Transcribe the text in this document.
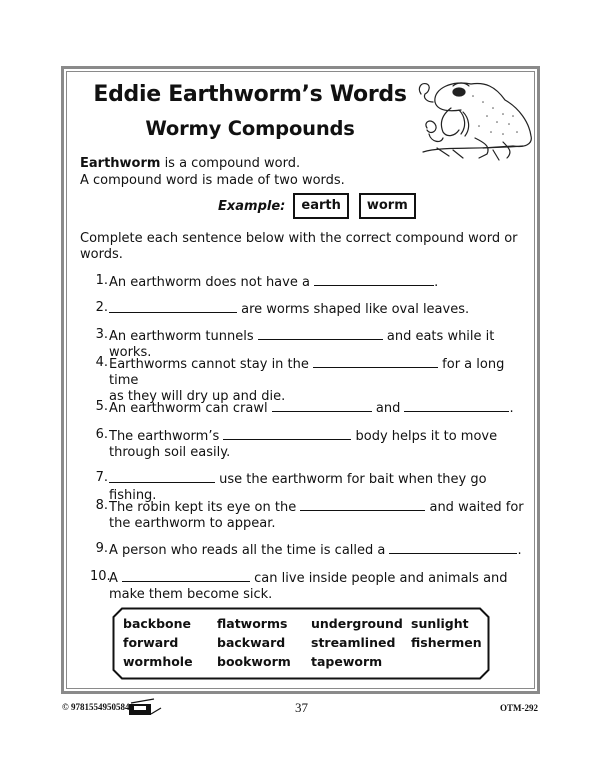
Eddie Earthworm’s Words
Wormy Compounds
Earthworm is a compound word.
A compound word is made of two words.
Example:	earth	worm
Complete each sentence below with the correct compound word or words.
1. An earthworm does not have a	.
2.	are worms shaped like oval leaves.
3. An earthworm tunnels	and eats while it works.
4. Earthworms cannot stay in the	for a long time
as they will dry up and die.
5. An earthworm can crawl	and	.
6. The earthworm’s	body helps it to move
through soil easily.
7.	use the earthworm for bait when they go fishing.
8. The robin kept its eye on the	and waited for
the earthworm to appear.
9. A person who reads all the time is called a	.
10.
A	can live inside people and animals and
make them become sick.
backbone	flatworms	underground sunlight
forward	backward	streamlined	fishermen
wormhole	bookworm	tapeworm
© 9781554950584	37	OTM-292
